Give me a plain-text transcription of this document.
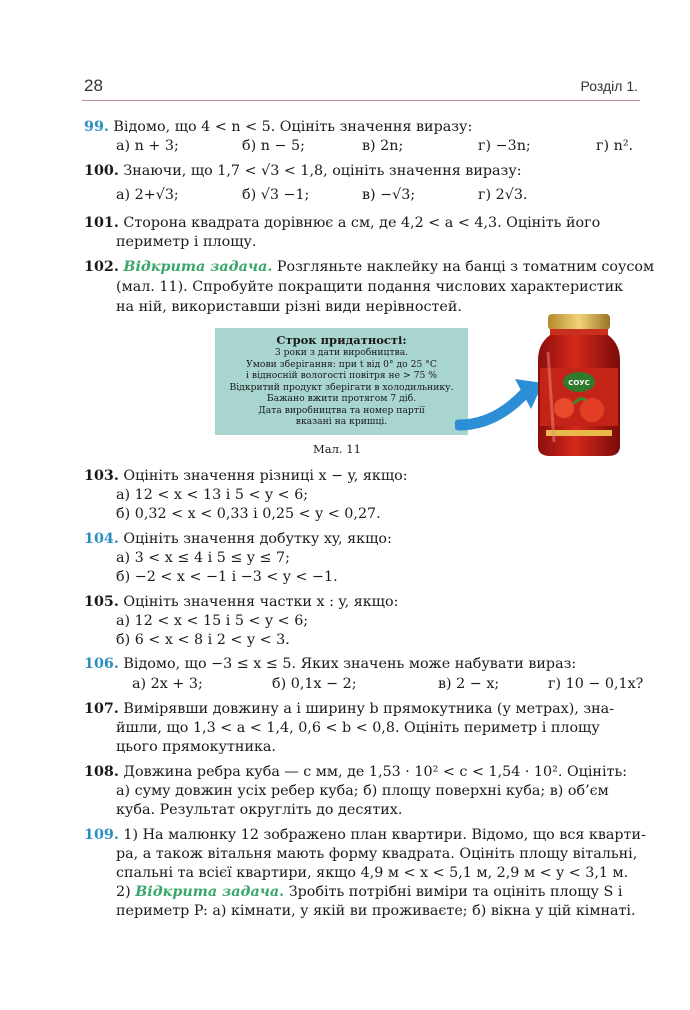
28	Розділ 1.
99. Відомо, що 4 < n < 5. Оцініть значення виразу:
а) n + 3;	б) n − 5;	в) 2n;	г) −3n;	г) n².
100. Знаючи, що 1,7 < √3 < 1,8, оцініть значення виразу:
а) 2+√3;	б) √3 −1;	в) −√3;	г) 2√3.
101. Сторона квадрата дорівнює a см, де 4,2 < a < 4,3. Оцініть його
периметр і площу.
102. Відкрита задача. Розгляньте наклейку на банці з томатним соусом
(мал. 11). Спробуйте покращити подання числових характеристик
на ній, використавши різні види нерівностей.
Строк придатності:
3 роки з дати виробництва.
Умови зберігання: при t від 0° до 25 °C
і відносній вологості повітря не > 75 %
Відкритий продукт зберігати в холодильнику.
Бажано вжити протягом 7 діб.
Дата виробництва та номер партії
вказані на кришці.
СОУС
Мал. 11
103. Оцініть значення різниці x − y, якщо:
а) 12 < x < 13 і 5 < y < 6;
б) 0,32 < x < 0,33 і 0,25 < y < 0,27.
104. Оцініть значення добутку xy, якщо:
а) 3 < x ≤ 4 і 5 ≤ y ≤ 7;
б) −2 < x < −1 і −3 < y < −1.
105. Оцініть значення частки x : y, якщо:
а) 12 < x < 15 і 5 < y < 6;
б) 6 < x < 8 і 2 < y < 3.
106. Відомо, що −3 ≤ x ≤ 5. Яких значень може набувати вираз:
а) 2x + 3;	б) 0,1x − 2;	в) 2 − x;	г) 10 − 0,1x?
107. Вимірявши довжину a і ширину b прямокутника (у метрах), зна-
йшли, що 1,3 < a < 1,4, 0,6 < b < 0,8. Оцініть периметр і площу
цього прямокутника.
108. Довжина ребра куба — c мм, де 1,53 · 10² < c < 1,54 · 10². Оцініть:
а) суму довжин усіх ребер куба; б) площу поверхні куба; в) об’єм
куба. Результат округліть до десятих.
109. 1) На малюнку 12 зображено план квартири. Відомо, що вся кварти-
ра, а також вітальня мають форму квадрата. Оцініть площу вітальні,
спальні та всієї квартири, якщо 4,9 м < x < 5,1 м, 2,9 м < y < 3,1 м.
2) Відкрита задача. Зробіть потрібні виміри та оцініть площу S і
периметр P: а) кімнати, у якій ви проживаєте; б) вікна у цій кімнаті.
